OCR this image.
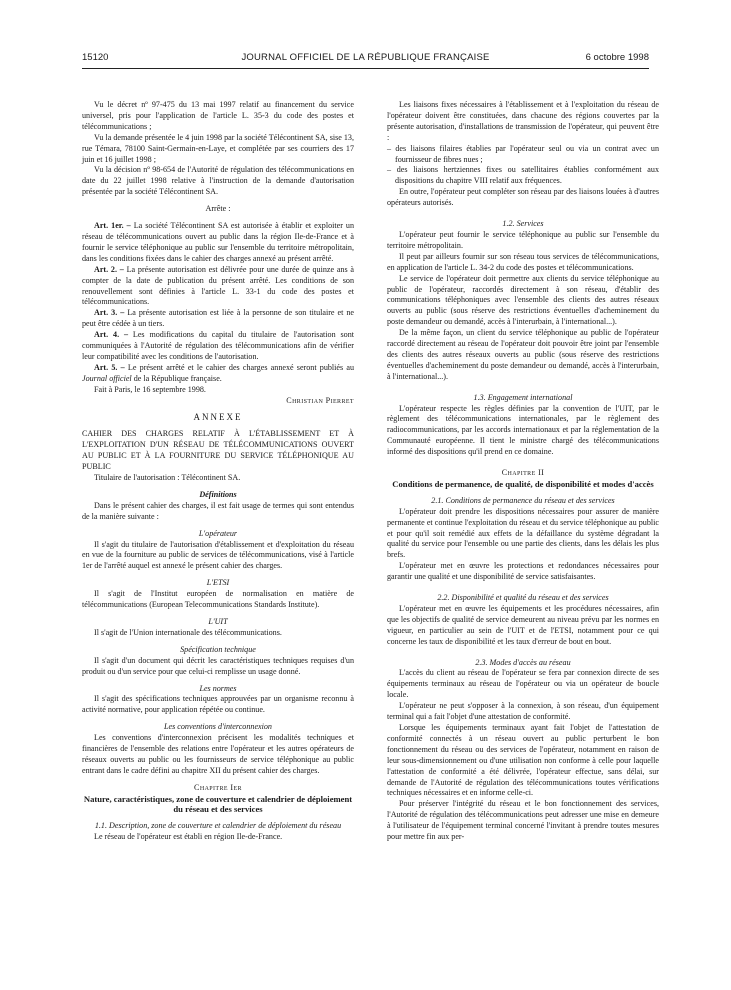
15120	JOURNAL OFFICIEL DE LA RÉPUBLIQUE FRANÇAISE	6 octobre 1998

Vu le décret nº 97-475 du 13 mai 1997 relatif au financement du service universel, pris pour l'application de l'article L. 35-3 du code des postes et télécommunications ;

Vu la demande présentée le 4 juin 1998 par la société Télécontinent SA, sise 13, rue Témara, 78100 Saint-Germain-en-Laye, et complétée par ses courriers des 17 juin et 16 juillet 1998 ;

Vu la décision nº 98-654 de l'Autorité de régulation des télécommunications en date du 22 juillet 1998 relative à l'instruction de la demande d'autorisation présentée par la société Télécontinent SA.

Arrête :

Art. 1er. – La société Télécontinent SA est autorisée à établir et exploiter un réseau de télécommunications ouvert au public dans la région Ile-de-France et à fournir le service téléphonique au public sur l'ensemble du territoire métropolitain, dans les conditions fixées dans le cahier des charges annexé au présent arrêté.

Art. 2. – La présente autorisation est délivrée pour une durée de quinze ans à compter de la date de publication du présent arrêté. Les conditions de son renouvellement sont définies à l'article L. 33-1 du code des postes et télécommunications.

Art. 3. – La présente autorisation est liée à la personne de son titulaire et ne peut être cédée à un tiers.

Art. 4. – Les modifications du capital du titulaire de l'autorisation sont communiquées à l'Autorité de régulation des télécommunications afin de vérifier leur compatibilité avec les conditions de l'autorisation.

Art. 5. – Le présent arrêté et le cahier des charges annexé seront publiés au Journal officiel de la République française.

Fait à Paris, le 16 septembre 1998.

Christian Pierret

ANNEXE

CAHIER DES CHARGES RELATIF À L'ÉTABLISSEMENT ET À L'EXPLOITATION D'UN RÉSEAU DE TÉLÉCOMMUNICATIONS OUVERT AU PUBLIC ET À LA FOURNITURE DU SERVICE TÉLÉPHONIQUE AU PUBLIC

Titulaire de l'autorisation : Télécontinent SA.

Définitions

Dans le présent cahier des charges, il est fait usage de termes qui sont entendus de la manière suivante :

L'opérateur

Il s'agit du titulaire de l'autorisation d'établissement et d'exploitation du réseau en vue de la fourniture au public de services de télécommunications, visé à l'article 1er de l'arrêté auquel est annexé le présent cahier des charges.

L'ETSI

Il s'agit de l'Institut européen de normalisation en matière de télécommunications (European Telecommunications Standards Institute).

L'UIT

Il s'agit de l'Union internationale des télécommunications.

Spécification technique

Il s'agit d'un document qui décrit les caractéristiques techniques requises d'un produit ou d'un service pour que celui-ci remplisse un usage donné.

Les normes

Il s'agit des spécifications techniques approuvées par un organisme reconnu à activité normative, pour application répétée ou continue.

Les conventions d'interconnexion

Les conventions d'interconnexion précisent les modalités techniques et financières de l'ensemble des relations entre l'opérateur et les autres opérateurs de réseaux ouverts au public ou les fournisseurs de service téléphonique au public entrant dans le cadre défini au chapitre XII du présent cahier des charges.

Chapitre Ier

Nature, caractéristiques, zone de couverture et calendrier de déploiement du réseau et des services

1.1. Description, zone de couverture et calendrier de déploiement du réseau

Le réseau de l'opérateur est établi en région Ile-de-France.

Les liaisons fixes nécessaires à l'établissement et à l'exploitation du réseau de l'opérateur doivent être constituées, dans chacune des régions couvertes par la présente autorisation, d'installations de transmission de l'opérateur, qui peuvent être :

– des liaisons filaires établies par l'opérateur seul ou via un contrat avec un fournisseur de fibres nues ;

– des liaisons hertziennes fixes ou satellitaires établies conformément aux dispositions du chapitre VIII relatif aux fréquences.

En outre, l'opérateur peut compléter son réseau par des liaisons louées à d'autres opérateurs autorisés.

1.2. Services

L'opérateur peut fournir le service téléphonique au public sur l'ensemble du territoire métropolitain.

Il peut par ailleurs fournir sur son réseau tous services de télécommunications, en application de l'article L. 34-2 du code des postes et télécommunications.

Le service de l'opérateur doit permettre aux clients du service téléphonique au public de l'opérateur, raccordés directement à son réseau, d'établir des communications téléphoniques avec l'ensemble des clients des autres réseaux ouverts au public (sous réserve des restrictions éventuelles d'acheminement du poste demandeur ou demandé, accès à l'interurbain, à l'international...).

De la même façon, un client du service téléphonique au public de l'opérateur raccordé directement au réseau de l'opérateur doit pouvoir être joint par l'ensemble des clients des autres réseaux ouverts au public (sous réserve des restrictions éventuelles d'acheminement du poste demandeur ou demandé, accès à l'interurbain, à l'international...).

1.3. Engagement international

L'opérateur respecte les règles définies par la convention de l'UIT, par le règlement des télécommunications internationales, par le règlement des radiocommunications, par les accords internationaux et par la réglementation de la Communauté européenne. Il tient le ministre chargé des télécommunications informé des dispositions qu'il prend en ce domaine.

Chapitre II

Conditions de permanence, de qualité, de disponibilité et modes d'accès

2.1. Conditions de permanence du réseau et des services

L'opérateur doit prendre les dispositions nécessaires pour assurer de manière permanente et continue l'exploitation du réseau et du service téléphonique au public et pour qu'il soit remédié aux effets de la défaillance du système dégradant la qualité du service pour l'ensemble ou une partie des clients, dans les délais les plus brefs.

L'opérateur met en œuvre les protections et redondances nécessaires pour garantir une qualité et une disponibilité de service satisfaisantes.

2.2. Disponibilité et qualité du réseau et des services

L'opérateur met en œuvre les équipements et les procédures nécessaires, afin que les objectifs de qualité de service demeurent au niveau prévu par les normes en vigueur, en particulier au sein de l'UIT et de l'ETSI, notamment pour ce qui concerne les taux de disponibilité et les taux d'erreur de bout en bout.

2.3. Modes d'accès au réseau

L'accès du client au réseau de l'opérateur se fera par connexion directe de ses équipements terminaux au réseau de l'opérateur ou via un opérateur de boucle locale.

L'opérateur ne peut s'opposer à la connexion, à son réseau, d'un équipement terminal qui a fait l'objet d'une attestation de conformité.

Lorsque les équipements terminaux ayant fait l'objet de l'attestation de conformité connectés à un réseau ouvert au public perturbent le bon fonctionnement du réseau ou des services de l'opérateur, notamment en raison de leur sous-dimensionnement ou d'une utilisation non conforme à celle pour laquelle l'attestation de conformité a été délivrée, l'opérateur effectue, sans délai, sur demande de l'Autorité de régulation des télécommunications toutes vérifications techniques nécessaires et en informe celle-ci.

Pour préserver l'intégrité du réseau et le bon fonctionnement des services, l'Autorité de régulation des télécommunications peut adresser une mise en demeure à l'utilisateur de l'équipement terminal concerné l'invitant à prendre toutes mesures pour mettre fin aux per-
